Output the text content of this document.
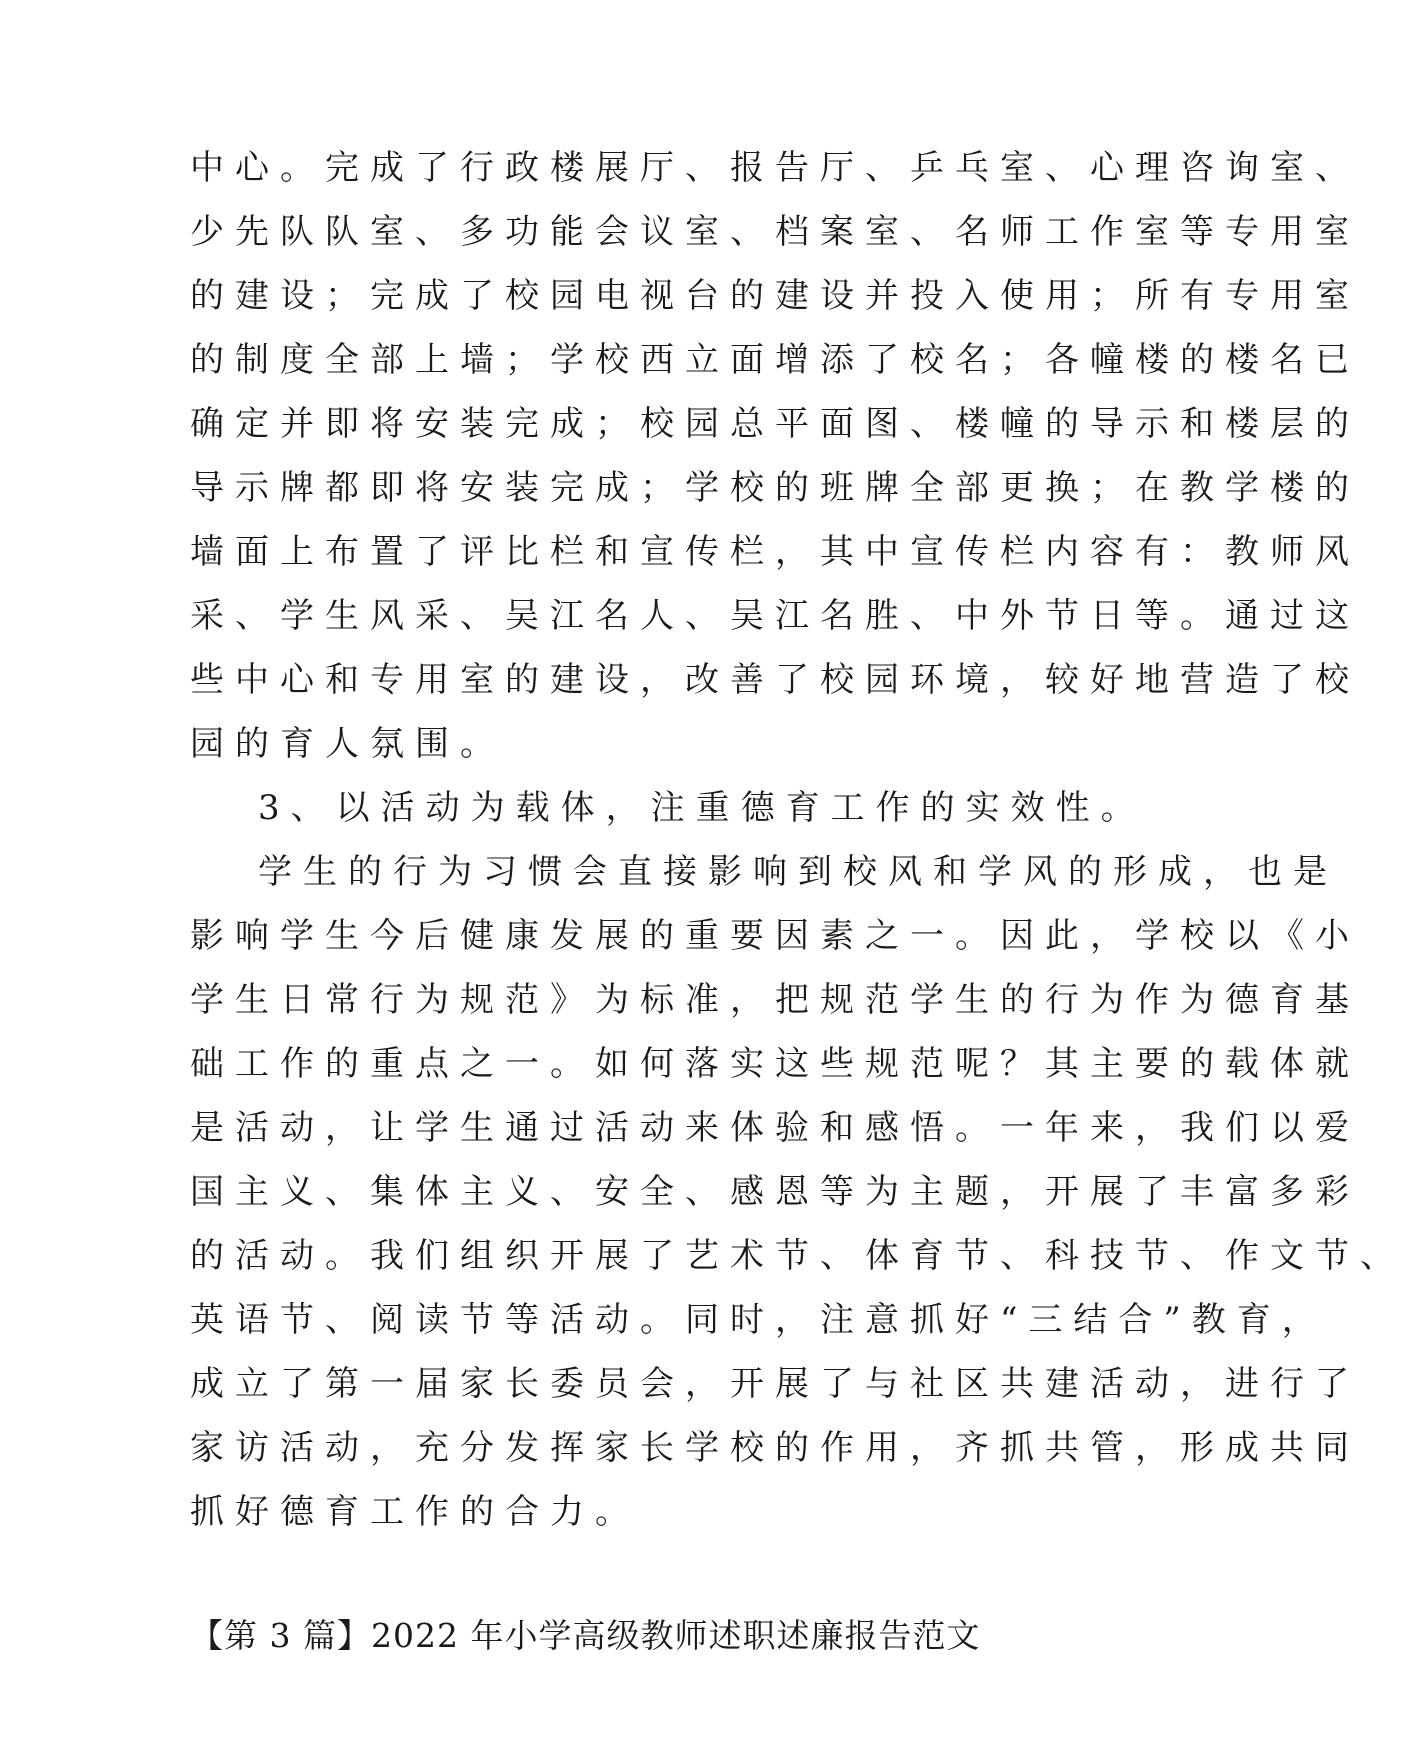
中心。完成了行政楼展厅、报告厅、乒乓室、心理咨询室、
少先队队室、多功能会议室、档案室、名师工作室等专用室
的建设；完成了校园电视台的建设并投入使用；所有专用室
的制度全部上墙；学校西立面增添了校名；各幢楼的楼名已
确定并即将安装完成；校园总平面图、楼幢的导示和楼层的
导示牌都即将安装完成；学校的班牌全部更换；在教学楼的
墙面上布置了评比栏和宣传栏，其中宣传栏内容有：教师风
采、学生风采、吴江名人、吴江名胜、中外节日等。通过这
些中心和专用室的建设，改善了校园环境，较好地营造了校
园的育人氛围。
3、以活动为载体，注重德育工作的实效性。
学生的行为习惯会直接影响到校风和学风的形成，也是
影响学生今后健康发展的重要因素之一。因此，学校以《小
学生日常行为规范》为标准，把规范学生的行为作为德育基
础工作的重点之一。如何落实这些规范呢？其主要的载体就
是活动，让学生通过活动来体验和感悟。一年来，我们以爱
国主义、集体主义、安全、感恩等为主题，开展了丰富多彩
的活动。我们组织开展了艺术节、体育节、科技节、作文节、
英语节、阅读节等活动。同时，注意抓好“三结合”教育，
成立了第一届家长委员会，开展了与社区共建活动，进行了
家访活动，充分发挥家长学校的作用，齐抓共管，形成共同
抓好德育工作的合力。
【第 3 篇】2022 年小学高级教师述职述廉报告范文
